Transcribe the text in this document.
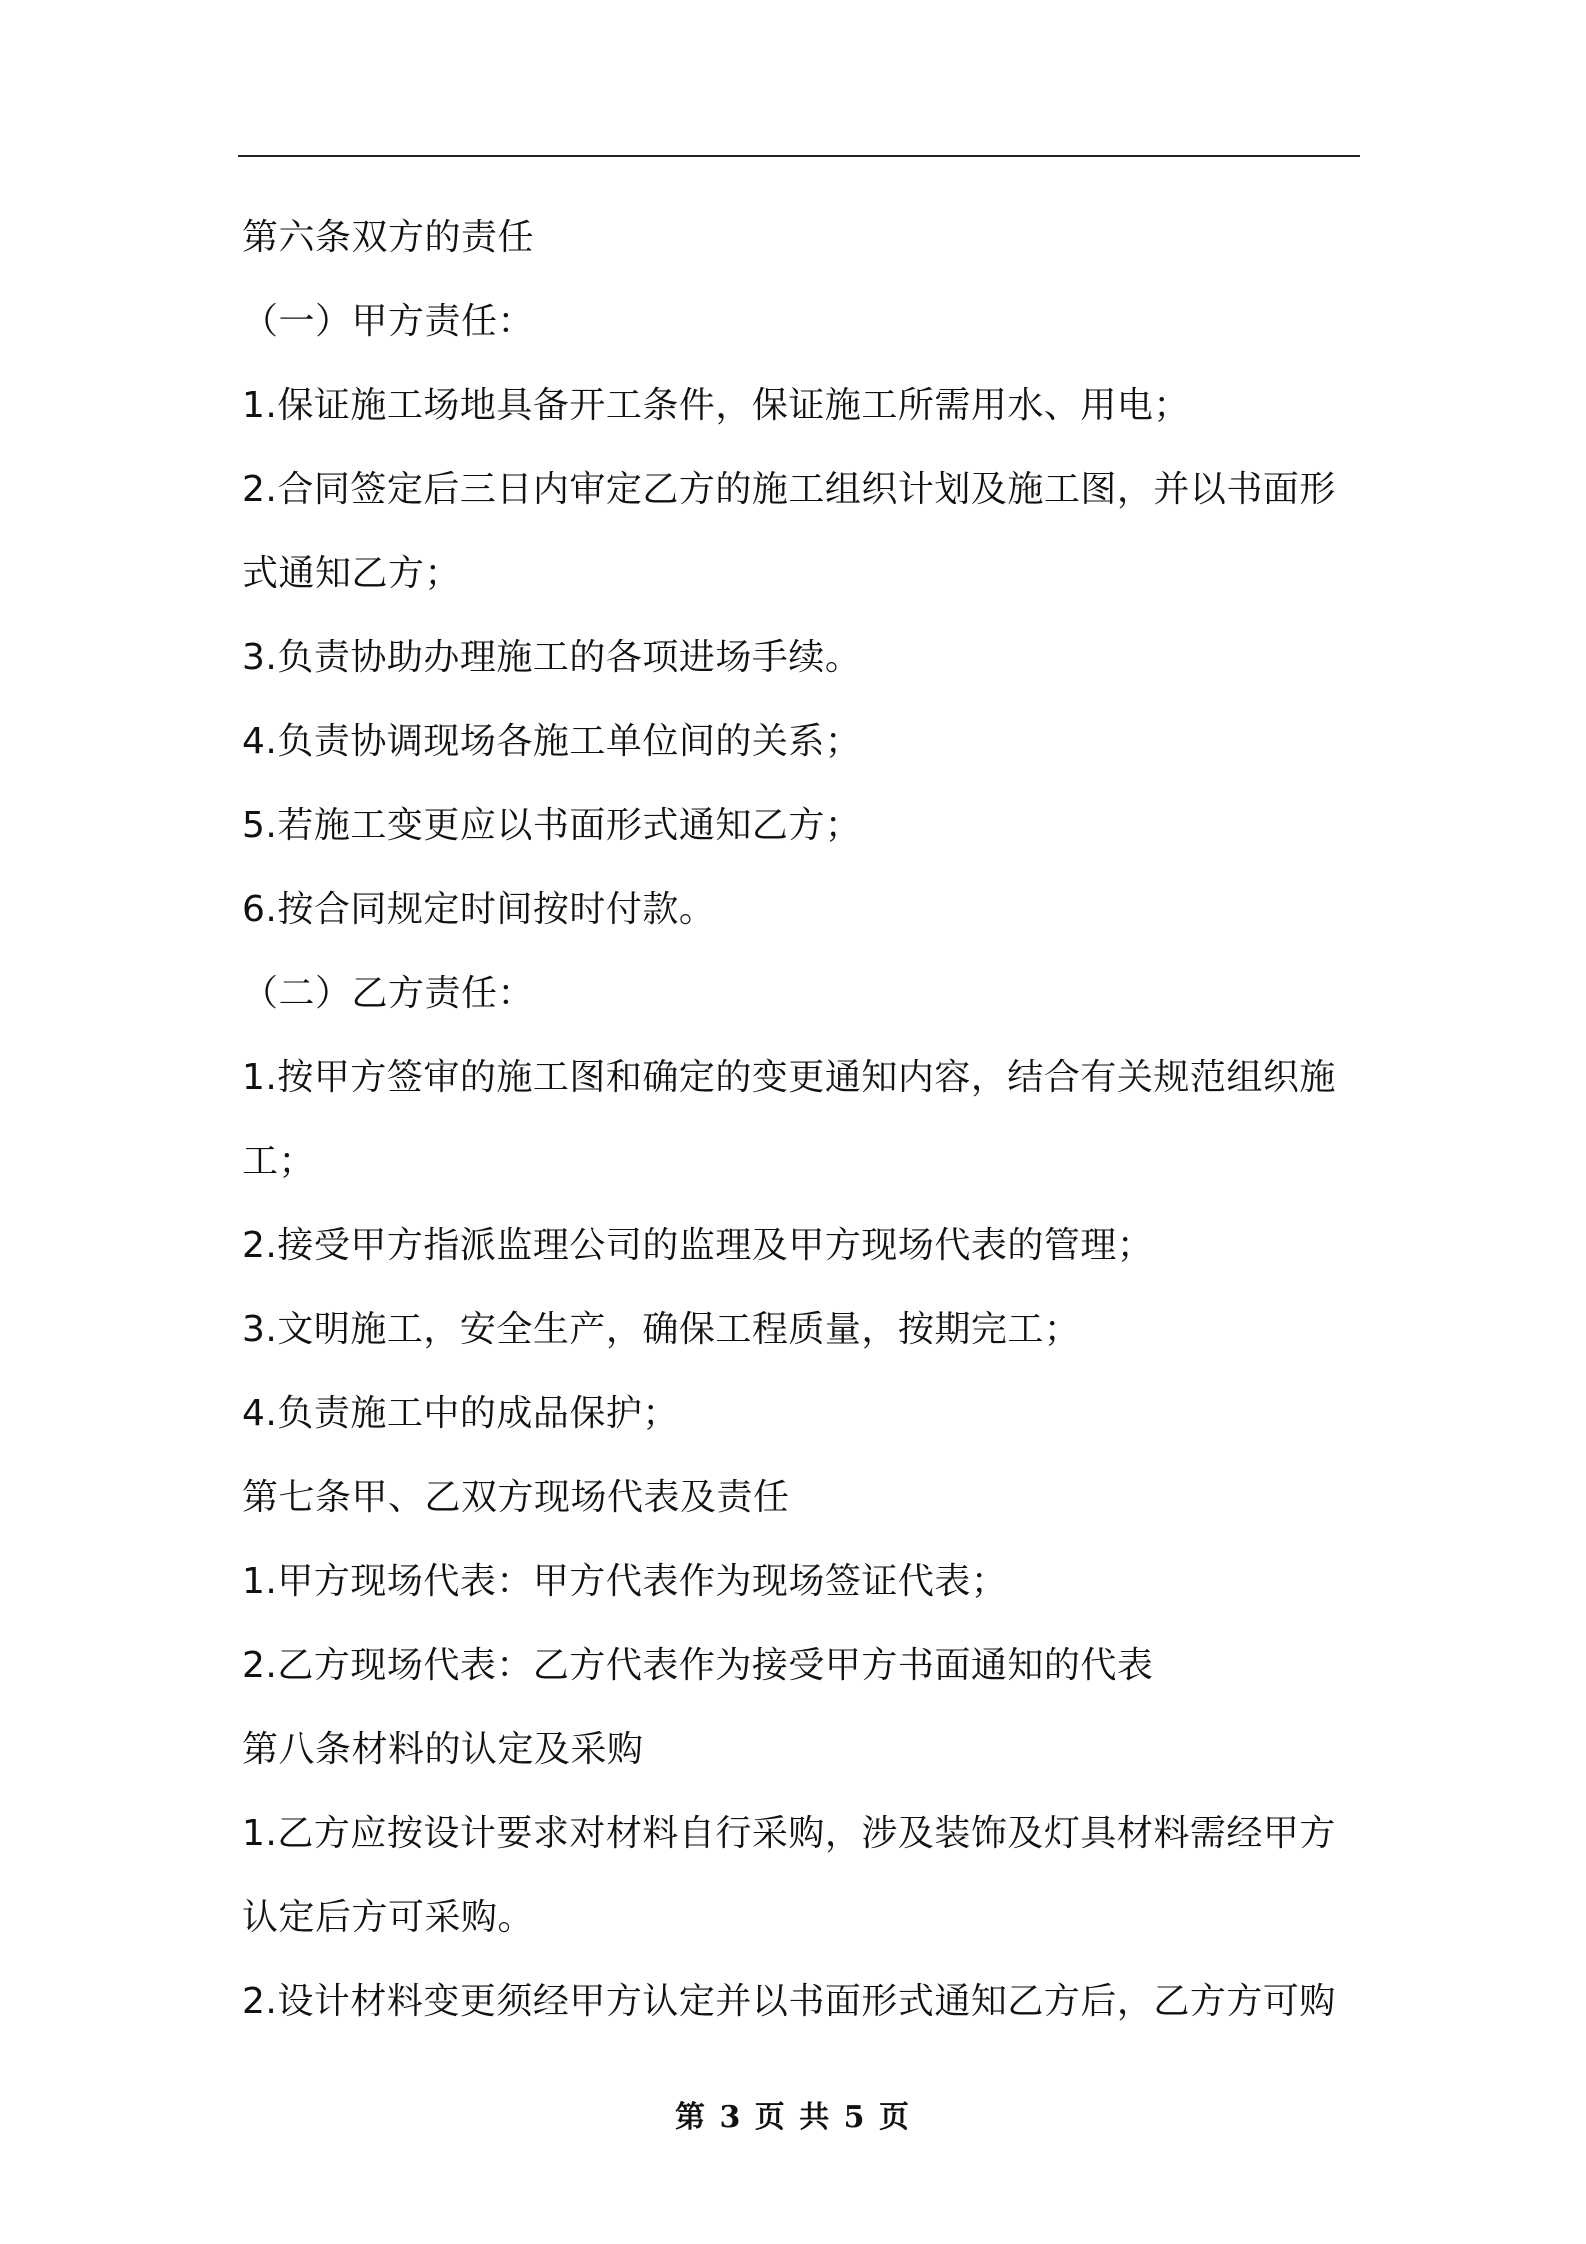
第六条双方的责任
（一）甲方责任：
1.保证施工场地具备开工条件，保证施工所需用水、用电；
2.合同签定后三日内审定乙方的施工组织计划及施工图，并以书面形
式通知乙方；
3.负责协助办理施工的各项进场手续。
4.负责协调现场各施工单位间的关系；
5.若施工变更应以书面形式通知乙方；
6.按合同规定时间按时付款。
（二）乙方责任：
1.按甲方签审的施工图和确定的变更通知内容，结合有关规范组织施
工；
2.接受甲方指派监理公司的监理及甲方现场代表的管理；
3.文明施工，安全生产，确保工程质量，按期完工；
4.负责施工中的成品保护；
第七条甲、乙双方现场代表及责任
1.甲方现场代表：甲方代表作为现场签证代表；
2.乙方现场代表：乙方代表作为接受甲方书面通知的代表
第八条材料的认定及采购
1.乙方应按设计要求对材料自行采购，涉及装饰及灯具材料需经甲方
认定后方可采购。
2.设计材料变更须经甲方认定并以书面形式通知乙方后，乙方方可购
第 3 页 共 5 页
